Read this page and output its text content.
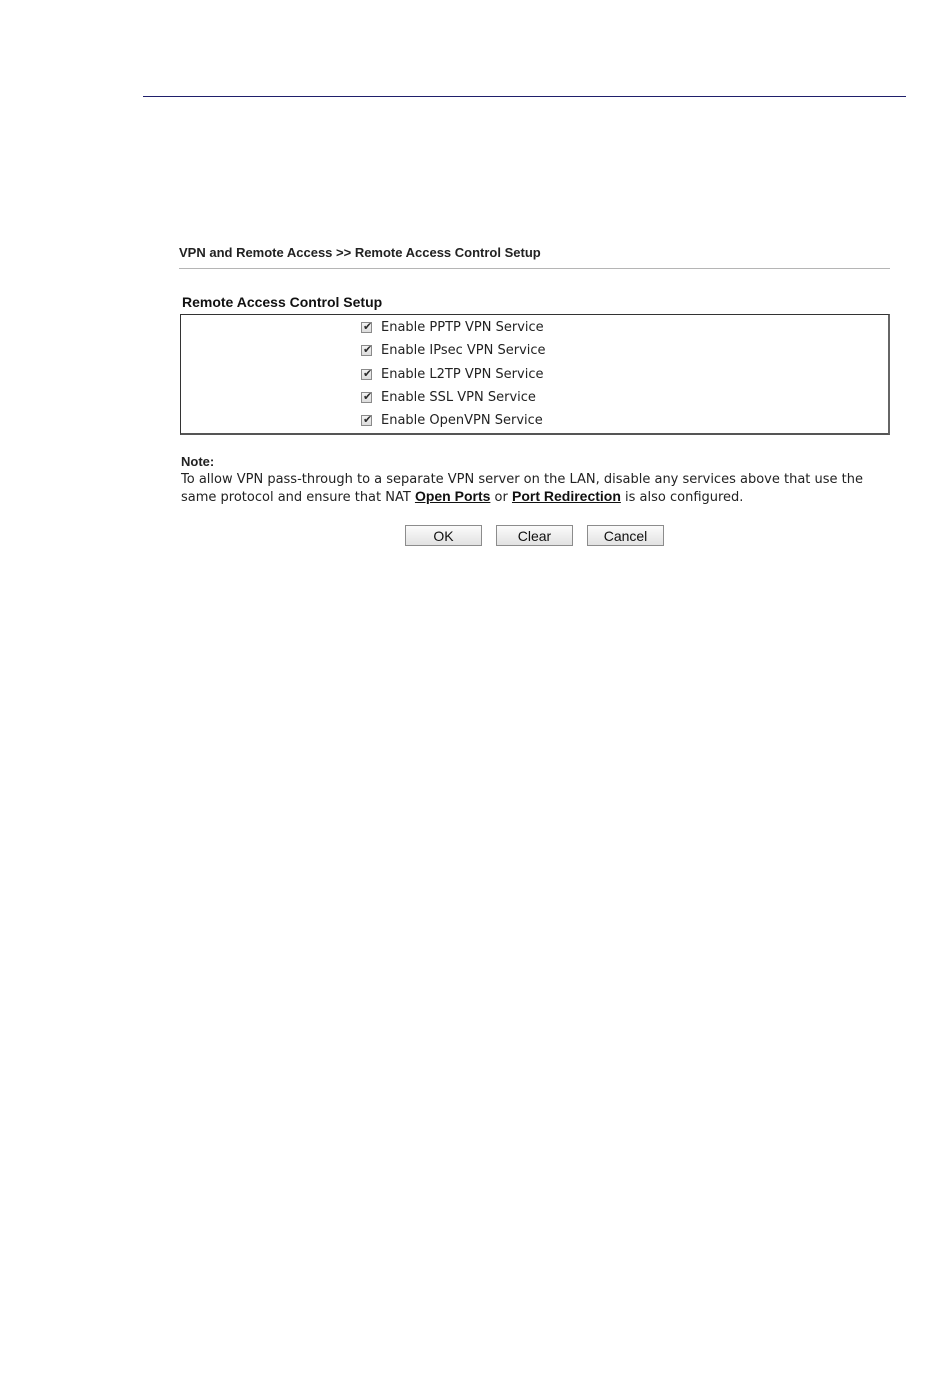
VPN and Remote Access >> Remote Access Control Setup
Remote Access Control Setup
✔ Enable PPTP VPN Service
✔ Enable IPsec VPN Service
✔ Enable L2TP VPN Service
✔ Enable SSL VPN Service
✔ Enable OpenVPN Service
Note:
To allow VPN pass-through to a separate VPN server on the LAN, disable any services above that use the same protocol and ensure that NAT Open Ports or Port Redirection is also configured.
OK	Clear	Cancel
